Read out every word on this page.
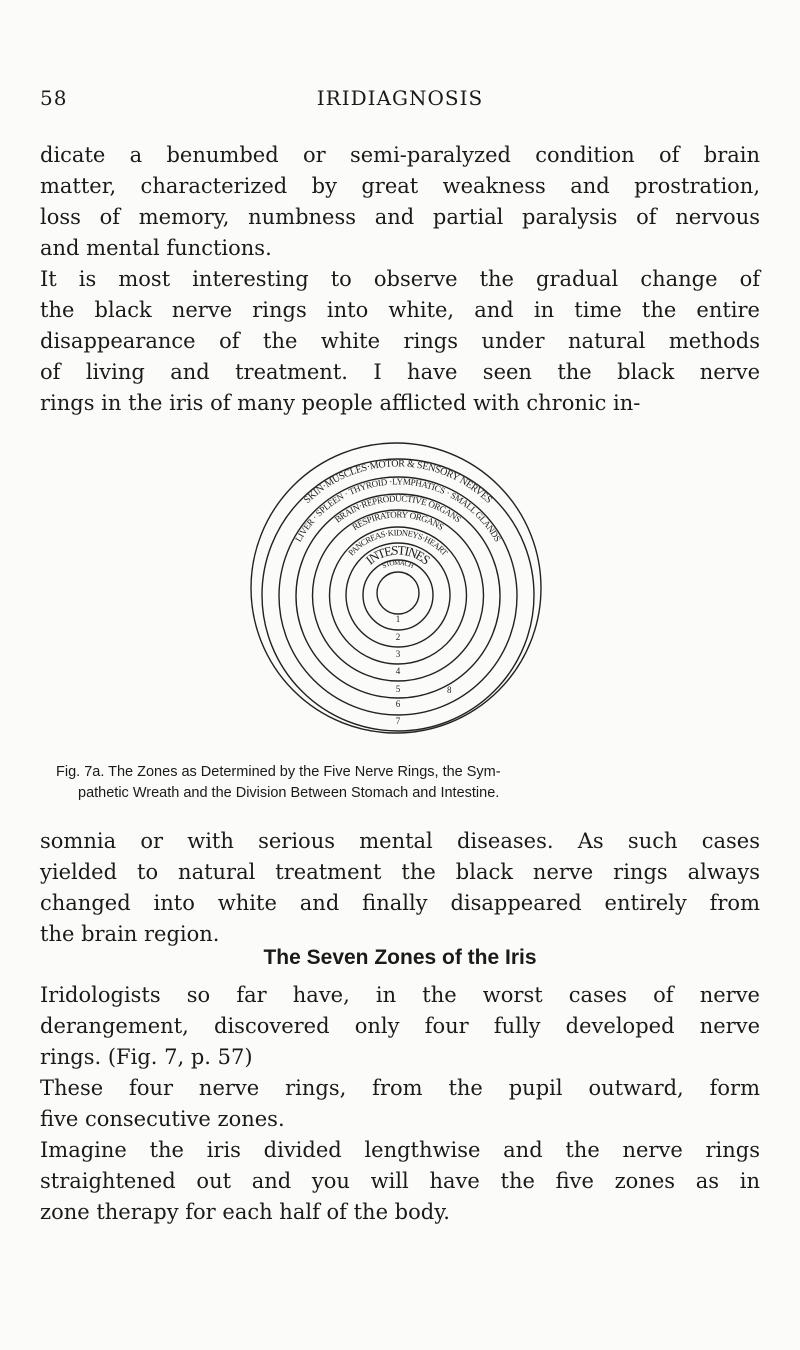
58	IRIDIAGNOSIS
dicate a benumbed or semi-paralyzed condition of brain
matter, characterized by great weakness and prostration,
loss of memory, numbness and partial paralysis of nervous
and mental functions.
It is most interesting to observe the gradual change of
the black nerve rings into white, and in time the entire
disappearance of the white rings under natural methods
of living and treatment. I have seen the black nerve
rings in the iris of many people afflicted with chronic in-
SKIN·MUSCLES·MOTOR & SENSORY NERVES
LIVER · SPLEEN · THYROID ·LYMPHATICS · SMALL GLANDS
BRAIN·REPRODUCTIVE ORGANS
RESPIRATORY ORGANS
PANCREAS·KIDNEYS·HEART
INTESTINES
STOMACH
1
2
3
4
5
6
7
8
Fig. 7a. The Zones as Determined by the Five Nerve Rings, the Sym-
pathetic Wreath and the Division Between Stomach and Intestine.
somnia or with serious mental diseases. As such cases
yielded to natural treatment the black nerve rings always
changed into white and finally disappeared entirely from
the brain region.
The Seven Zones of the Iris
Iridologists so far have, in the worst cases of nerve
derangement, discovered only four fully developed nerve
rings. (Fig. 7, p. 57)
These four nerve rings, from the pupil outward, form
five consecutive zones.
Imagine the iris divided lengthwise and the nerve rings
straightened out and you will have the five zones as in
zone therapy for each half of the body.
